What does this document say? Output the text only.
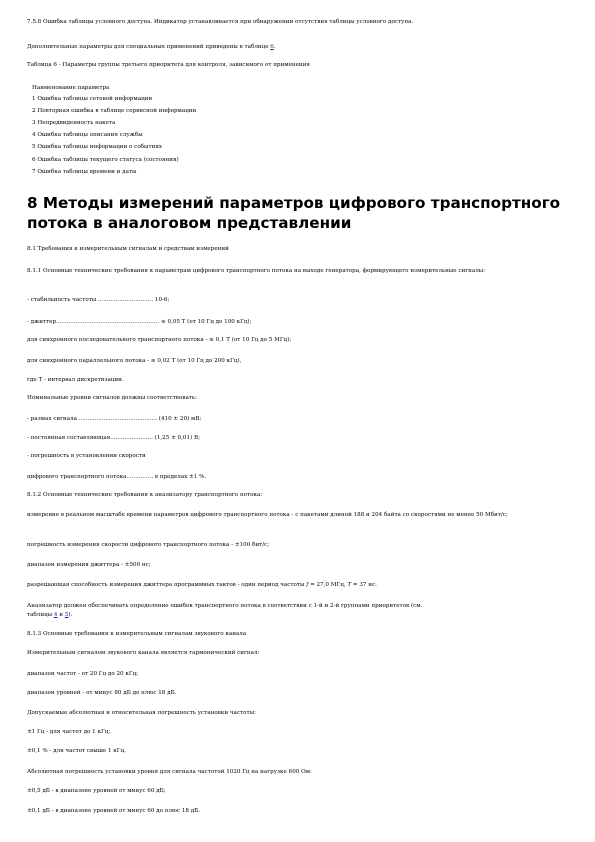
7.5.8 Ошибка таблицы условного доступа. Индикатор устанавливается при обнаружении отсутствия таблицы условного доступа.
Дополнительные параметры для специальных применений приведены в таблице 6.
Таблица 6 - Параметры группы третьего приоритета для контроля, зависимого от применения
Наименование параметра
1 Ошибка таблицы сетевой информации
2 Повторная ошибка в таблице сервисной информации
3 Непредвиденность пакета
4 Ошибка таблицы описания службы
5 Ошибка таблицы информации о событиях
6 Ошибка таблицы текущего статуса (состояния)
7 Ошибка таблицы времени и даты
8 Методы измерений параметров цифрового транспортного потока в аналоговом представлении
8.1 Требования к измерительным сигналам и средствам измерений
8.1.1 Основные технические требования к параметрам цифрового транспортного потока на выходе генератора, формирующего измерительные сигналы:
- стабильность частоты ............................... 10-6;
- джиттер.......................................................... ≤ 0,05 Т (от 10 Гц до 100 кГц);
для синхронного последовательного транспортного потока - ≤ 0,1 Т (от 10 Гц до 5 МГц);
для синхронного параллельного потока - ≤ 0,02 Т (от 10 Гц до 200 кГц),
где Т - интервал дискретизации.
Номинальные уровни сигналов должны соответствовать:
- размах сигнала ............................................ (410 ± 20) мВ;
- постоянная составляющая........................ (1,25 ± 0,01) В;
- погрешность в установлении скорости
цифрового транспортного потока............... в пределах ±1 %.
8.1.2 Основные технические требования к анализатору транспортного потока:
измерение в реальном масштабе времени параметров цифрового транспортного потока - с пакетами длиной 188 и 204 байта со скоростями не менее 50 Мбит/с;
погрешность измерения скорости цифрового транспортного потока - ±100 бит/с;
диапазон измерения джиттера - ±500 нс;
разрешающая способность измерения джиттера программных тактов - один период частоты f = 27,0 МГц, T = 37 нс.
Анализатор должен обеспечивать определение ошибок транспортного потока в соответствии с 1-й и 2-й группами приоритетов (см.
таблицы 4 и 5).
8.1.3 Основные требования к измерительным сигналам звукового канала
Измерительным сигналом звукового канала является гармонический сигнал:
диапазон частот - от 20 Гц до 20 кГц;
диапазон уровней - от минус 80 дБ до плюс 18 дБ.
Допускаемые абсолютная и относительная погрешность установки частоты:
±1 Гц - для частот до 1 кГц;
±0,1 % - для частот свыше 1 кГц.
Абсолютная погрешность установки уровня для сигнала частотой 1020 Гц на нагрузке 600 Ом:
±0,5 дБ - в диапазоне уровней от минус 60 дБ;
±0,1 дБ - в диапазоне уровней от минус 60 до плюс 18 дБ.
